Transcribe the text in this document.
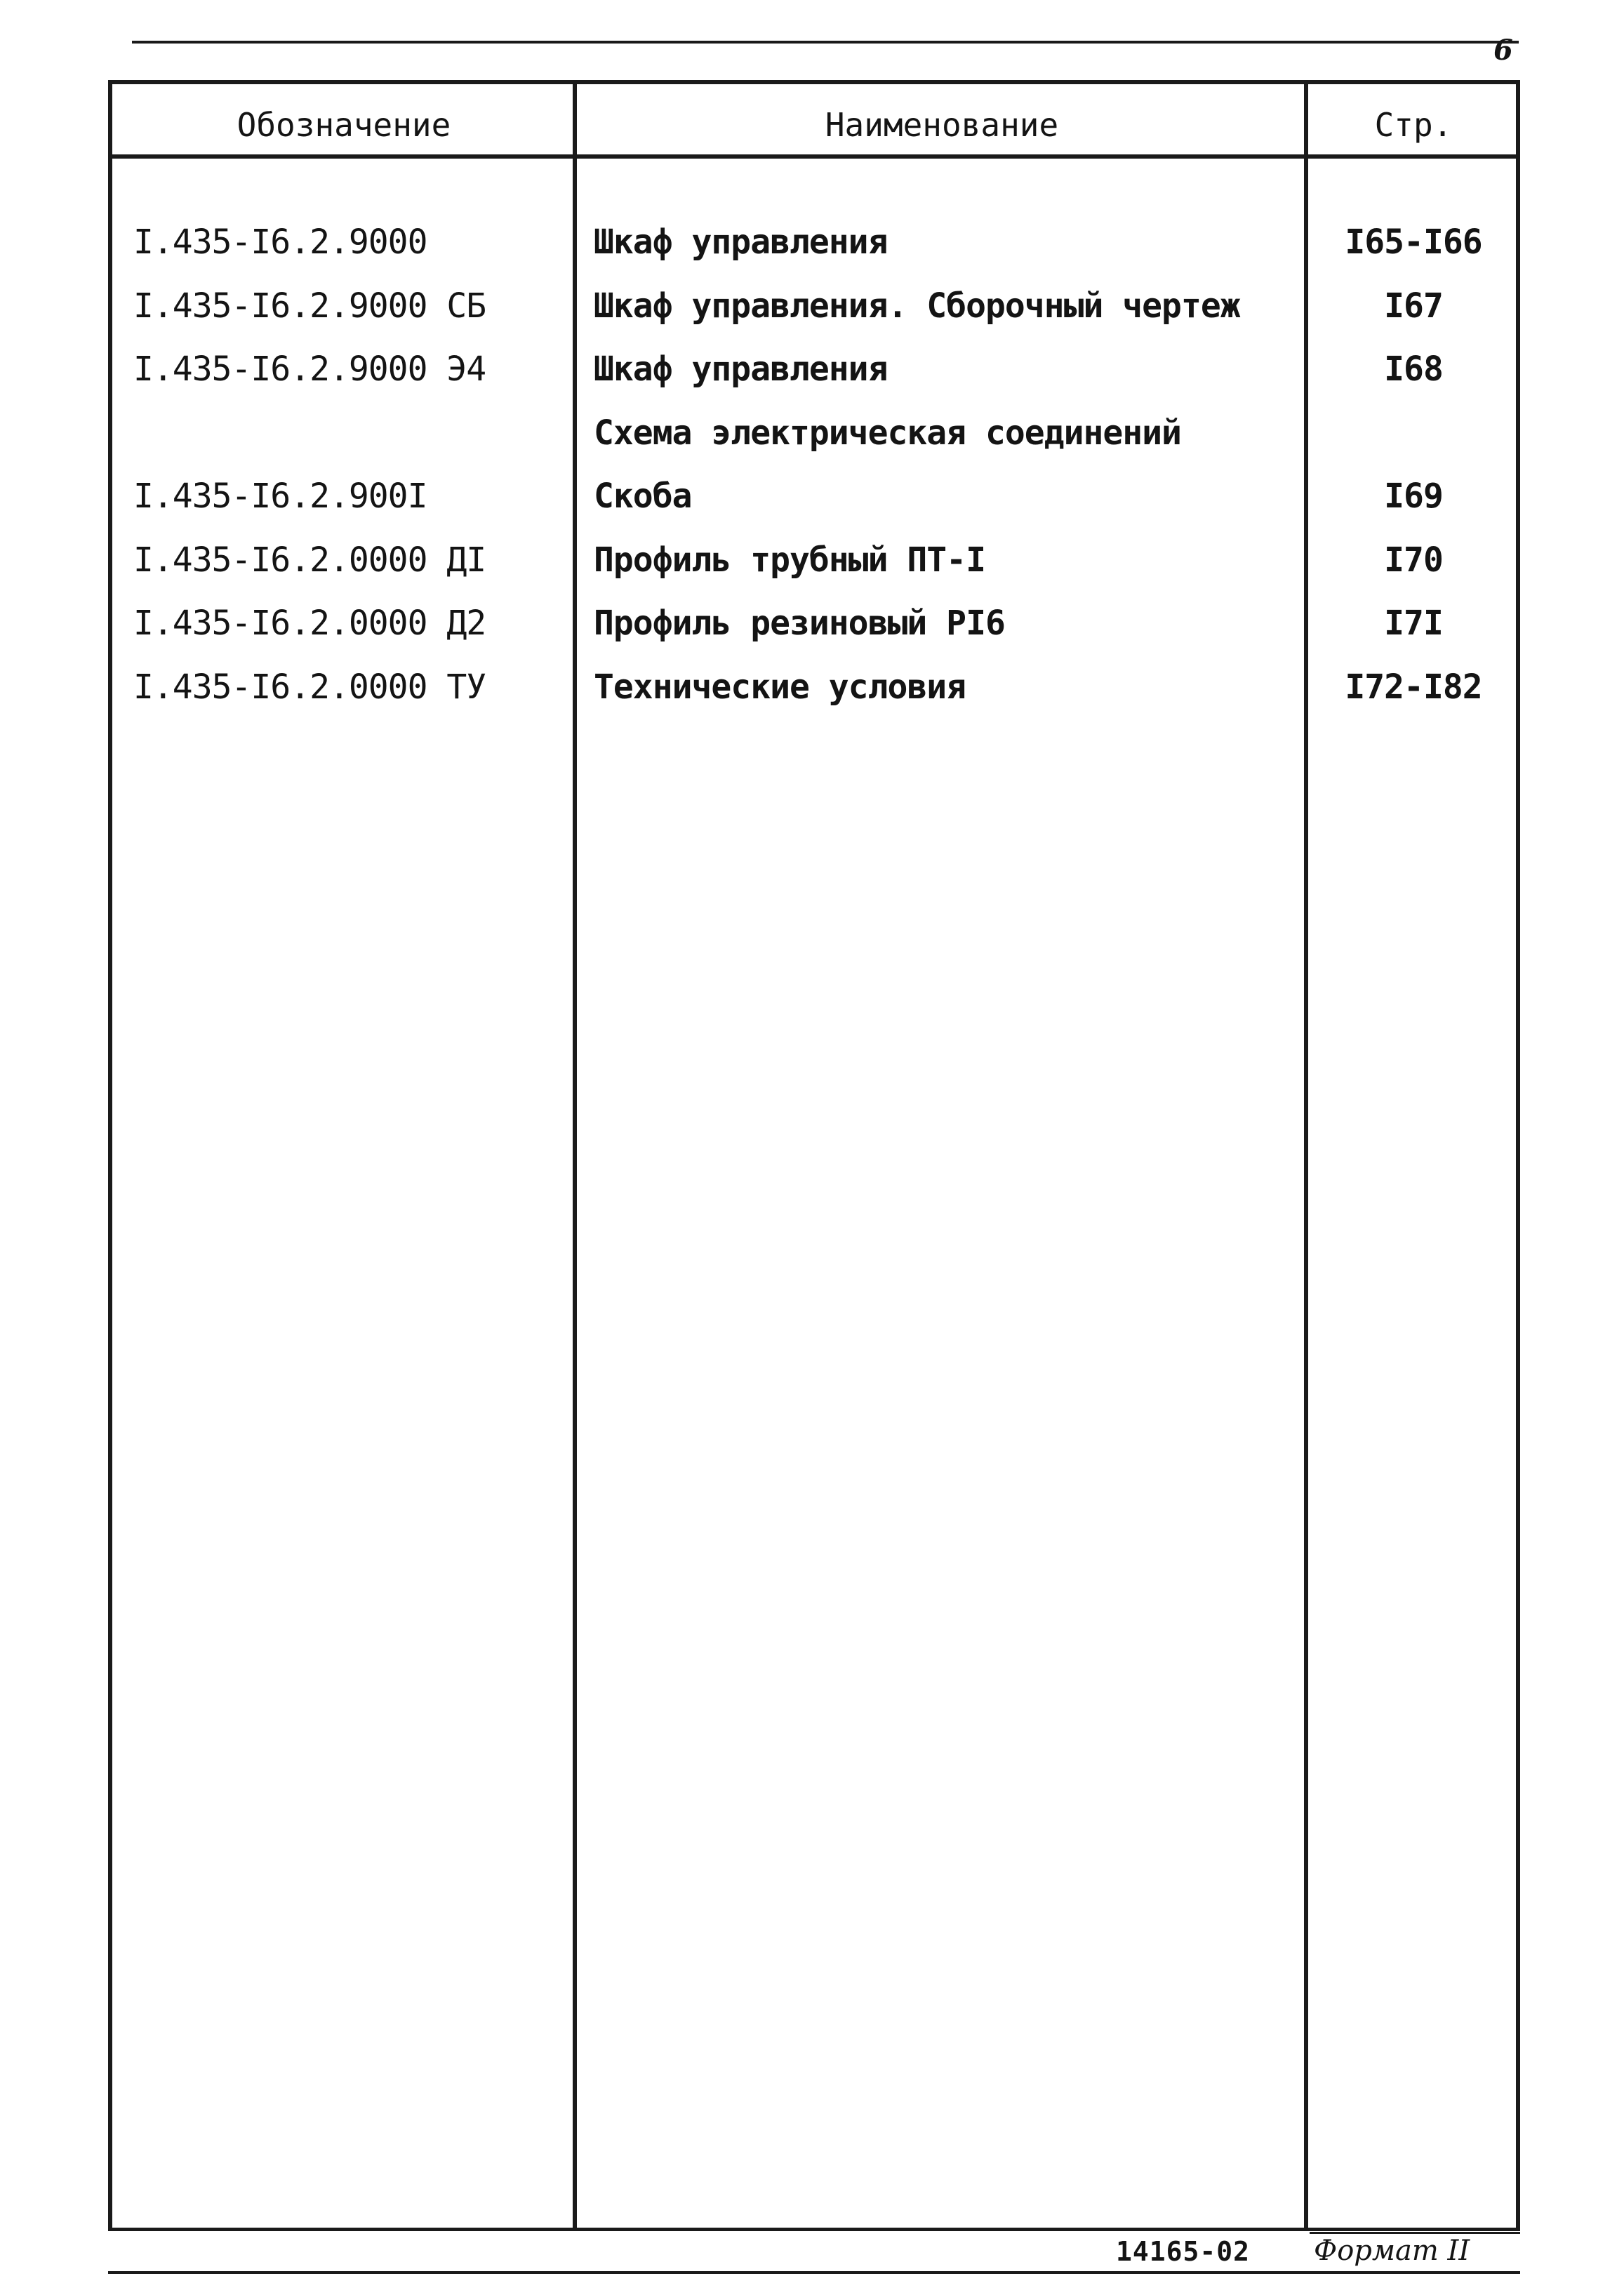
6
Обозначение	Наименование	Стр.
I.435-I6.2.9000	Шкаф управления	I65-I66
I.435-I6.2.9000 СБ	Шкаф управления. Сборочный чертеж	I67
I.435-I6.2.9000 Э4	Шкаф управления	I68
Схема электрическая соединений
I.435-I6.2.900I	Скоба	I69
I.435-I6.2.0000 ДI	Профиль трубный ПТ-I	I70
I.435-I6.2.0000 Д2	Профиль резиновый РI6	I7I
I.435-I6.2.0000 ТУ	Технические условия	I72-I82
14165-02 Формат II
